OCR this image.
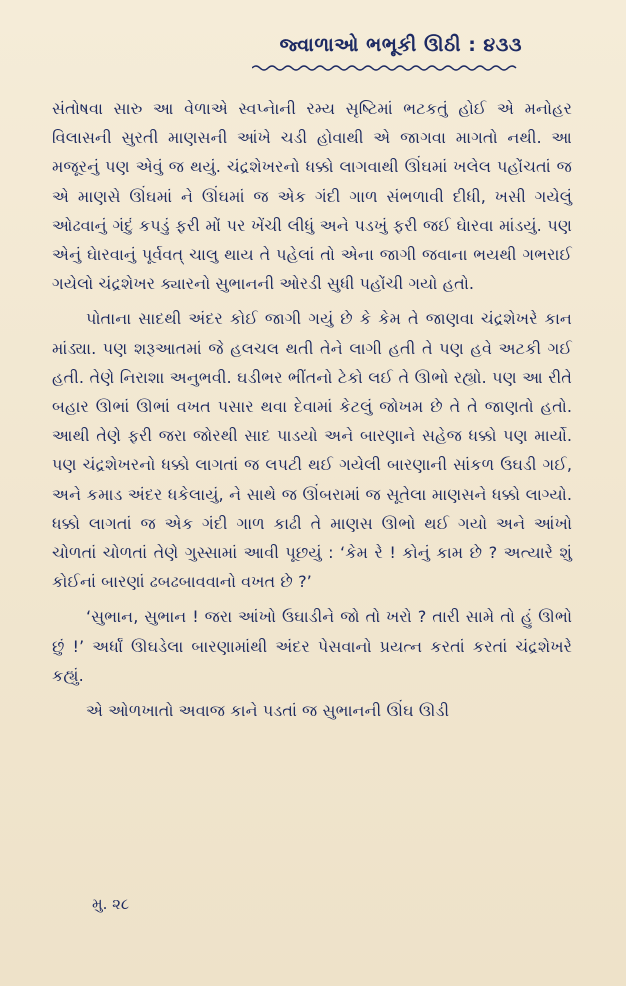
જ્વાળાઓ ભભૂકી ઊઠી : ૪૩૩

સંતોષવા સારુ આ વેળાએ સ્વપ્નેાની રમ્ય સૃષ્ટિમાં ભટકતું હોઈ એ મનોહર વિલાસની સુરતી માણસની આંખે ચડી હોવાથી એ જાગવા માગતો નથી. આ મજૂરનું પણ એવું જ થયું. ચંદ્રશેખરનો ધક્કો લાગવાથી ઊંઘમાં ખલેલ પહોંચતાં જ એ માણસે ઊંઘમાં ને ઊંઘમાં જ એક ગંદી ગાળ સંભળાવી દીધી, ખસી ગયેલું ઓઢવાનું ગંદું કપડું ફરી મોં પર ખેંચી લીધું અને પડખું ફરી જઈ ઘેારવા માંડયું. પણ એનું ઘેારવાનું પૂર્વવત્ ચાલુ થાય તે પહેલાં તો એના જાગી જવાના ભયથી ગભરાઈ ગયેલો ચંદ્રશેખર ક્યારનો સુભાનની ઓરડી સુધી પહોંચી ગયો હતો.

પોતાના સાદથી અંદર કોઈ જાગી ગયું છે કે કેમ તે જાણવા ચંદ્રશેખરે કાન માંડ્યા. પણ શરૂઆતમાં જે હલચલ થતી તેને લાગી હતી તે પણ હવે અટકી ગઈ હતી. તેણે નિરાશા અનુભવી. ઘડીભર ભીંતનો ટેકો લઈ તે ઊભો રહ્યો. પણ આ રીતે બહાર ઊભાં ઊભાં વખત પસાર થવા દેવામાં કેટલું જોખમ છે તે તે જાણતો હતો. આથી તેણે ફરી જરા જોરથી સાદ પાડયો અને બારણાને સહેજ ધક્કો પણ માર્યો. પણ ચંદ્રશેખરનો ધક્કો લાગતાં જ લપટી થઈ ગયેલી બારણાની સાંકળ ઉઘડી ગઈ, અને કમાડ અંદર ધકેલાયું, ને સાથે જ ઊંબરામાં જ સૂતેલા માણસને ધક્કો લાગ્યો. ધક્કો લાગતાં જ એક ગંદી ગાળ કાઢી તે માણસ ઊભો થઈ ગયો અને આંખો ચોળતાં ચોળતાં તેણે ગુસ્સામાં આવી પૂછયું : ‘કેમ રે ! કોનું કામ છે ? અત્યારે શું કોઈનાં બારણાં ઢબઢબાવવાનો વખત છે ?’

‘સુભાન, સુભાન ! જરા આંખો ઉઘાડીને જો તો ખરો ? તારી સામે તો હું ઊભો છું !’ અર્ધાં ઊઘડેલા બારણામાંથી અંદર પેસવાનો પ્રયત્ન કરતાં કરતાં ચંદ્રશેખરે કહ્યું.

એ ઓળખાતો અવાજ કાને પડતાં જ સુભાનની ઊંઘ ઊડી

મુ. ૨૮
